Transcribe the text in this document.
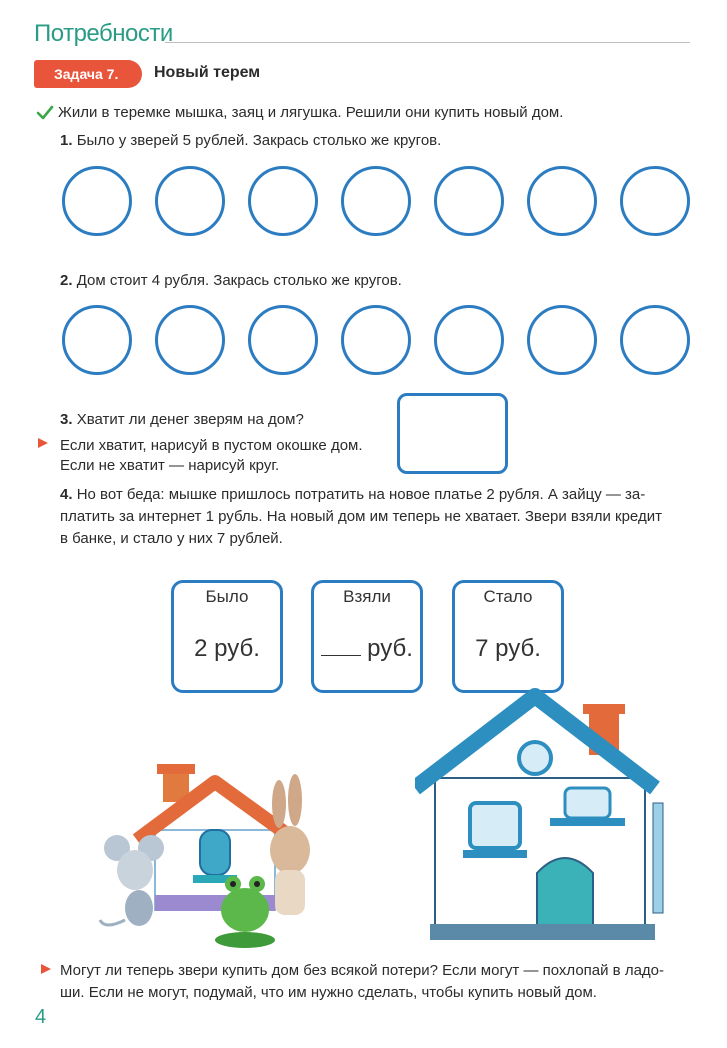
Потребности
Задача 7.	Новый терем
Жили в теремке мышка, заяц и лягушка. Решили они купить новый дом.
1. Было у зверей 5 рублей. Закрась столько же кругов.
2. Дом стоит 4 рубля. Закрась столько же кругов.
3. Хватит ли денег зверям на дом?
Если хватит, нарисуй в пустом окошке дом.
Если не хватит — нарисуй круг.
4. Но вот беда: мышке пришлось потратить на новое платье 2 рубля. А зайцу — за-
платить за интернет 1 рубль. На новый дом им теперь не хватает. Звери взяли кредит
в банке, и стало у них 7 рублей.
Было
2 руб.
Взяли
руб.
Стало
7 руб.
Могут ли теперь звери купить дом без всякой потери? Если могут — похлопай в ладо-
ши. Если не могут, подумай, что им нужно сделать, чтобы купить новый дом.
4
